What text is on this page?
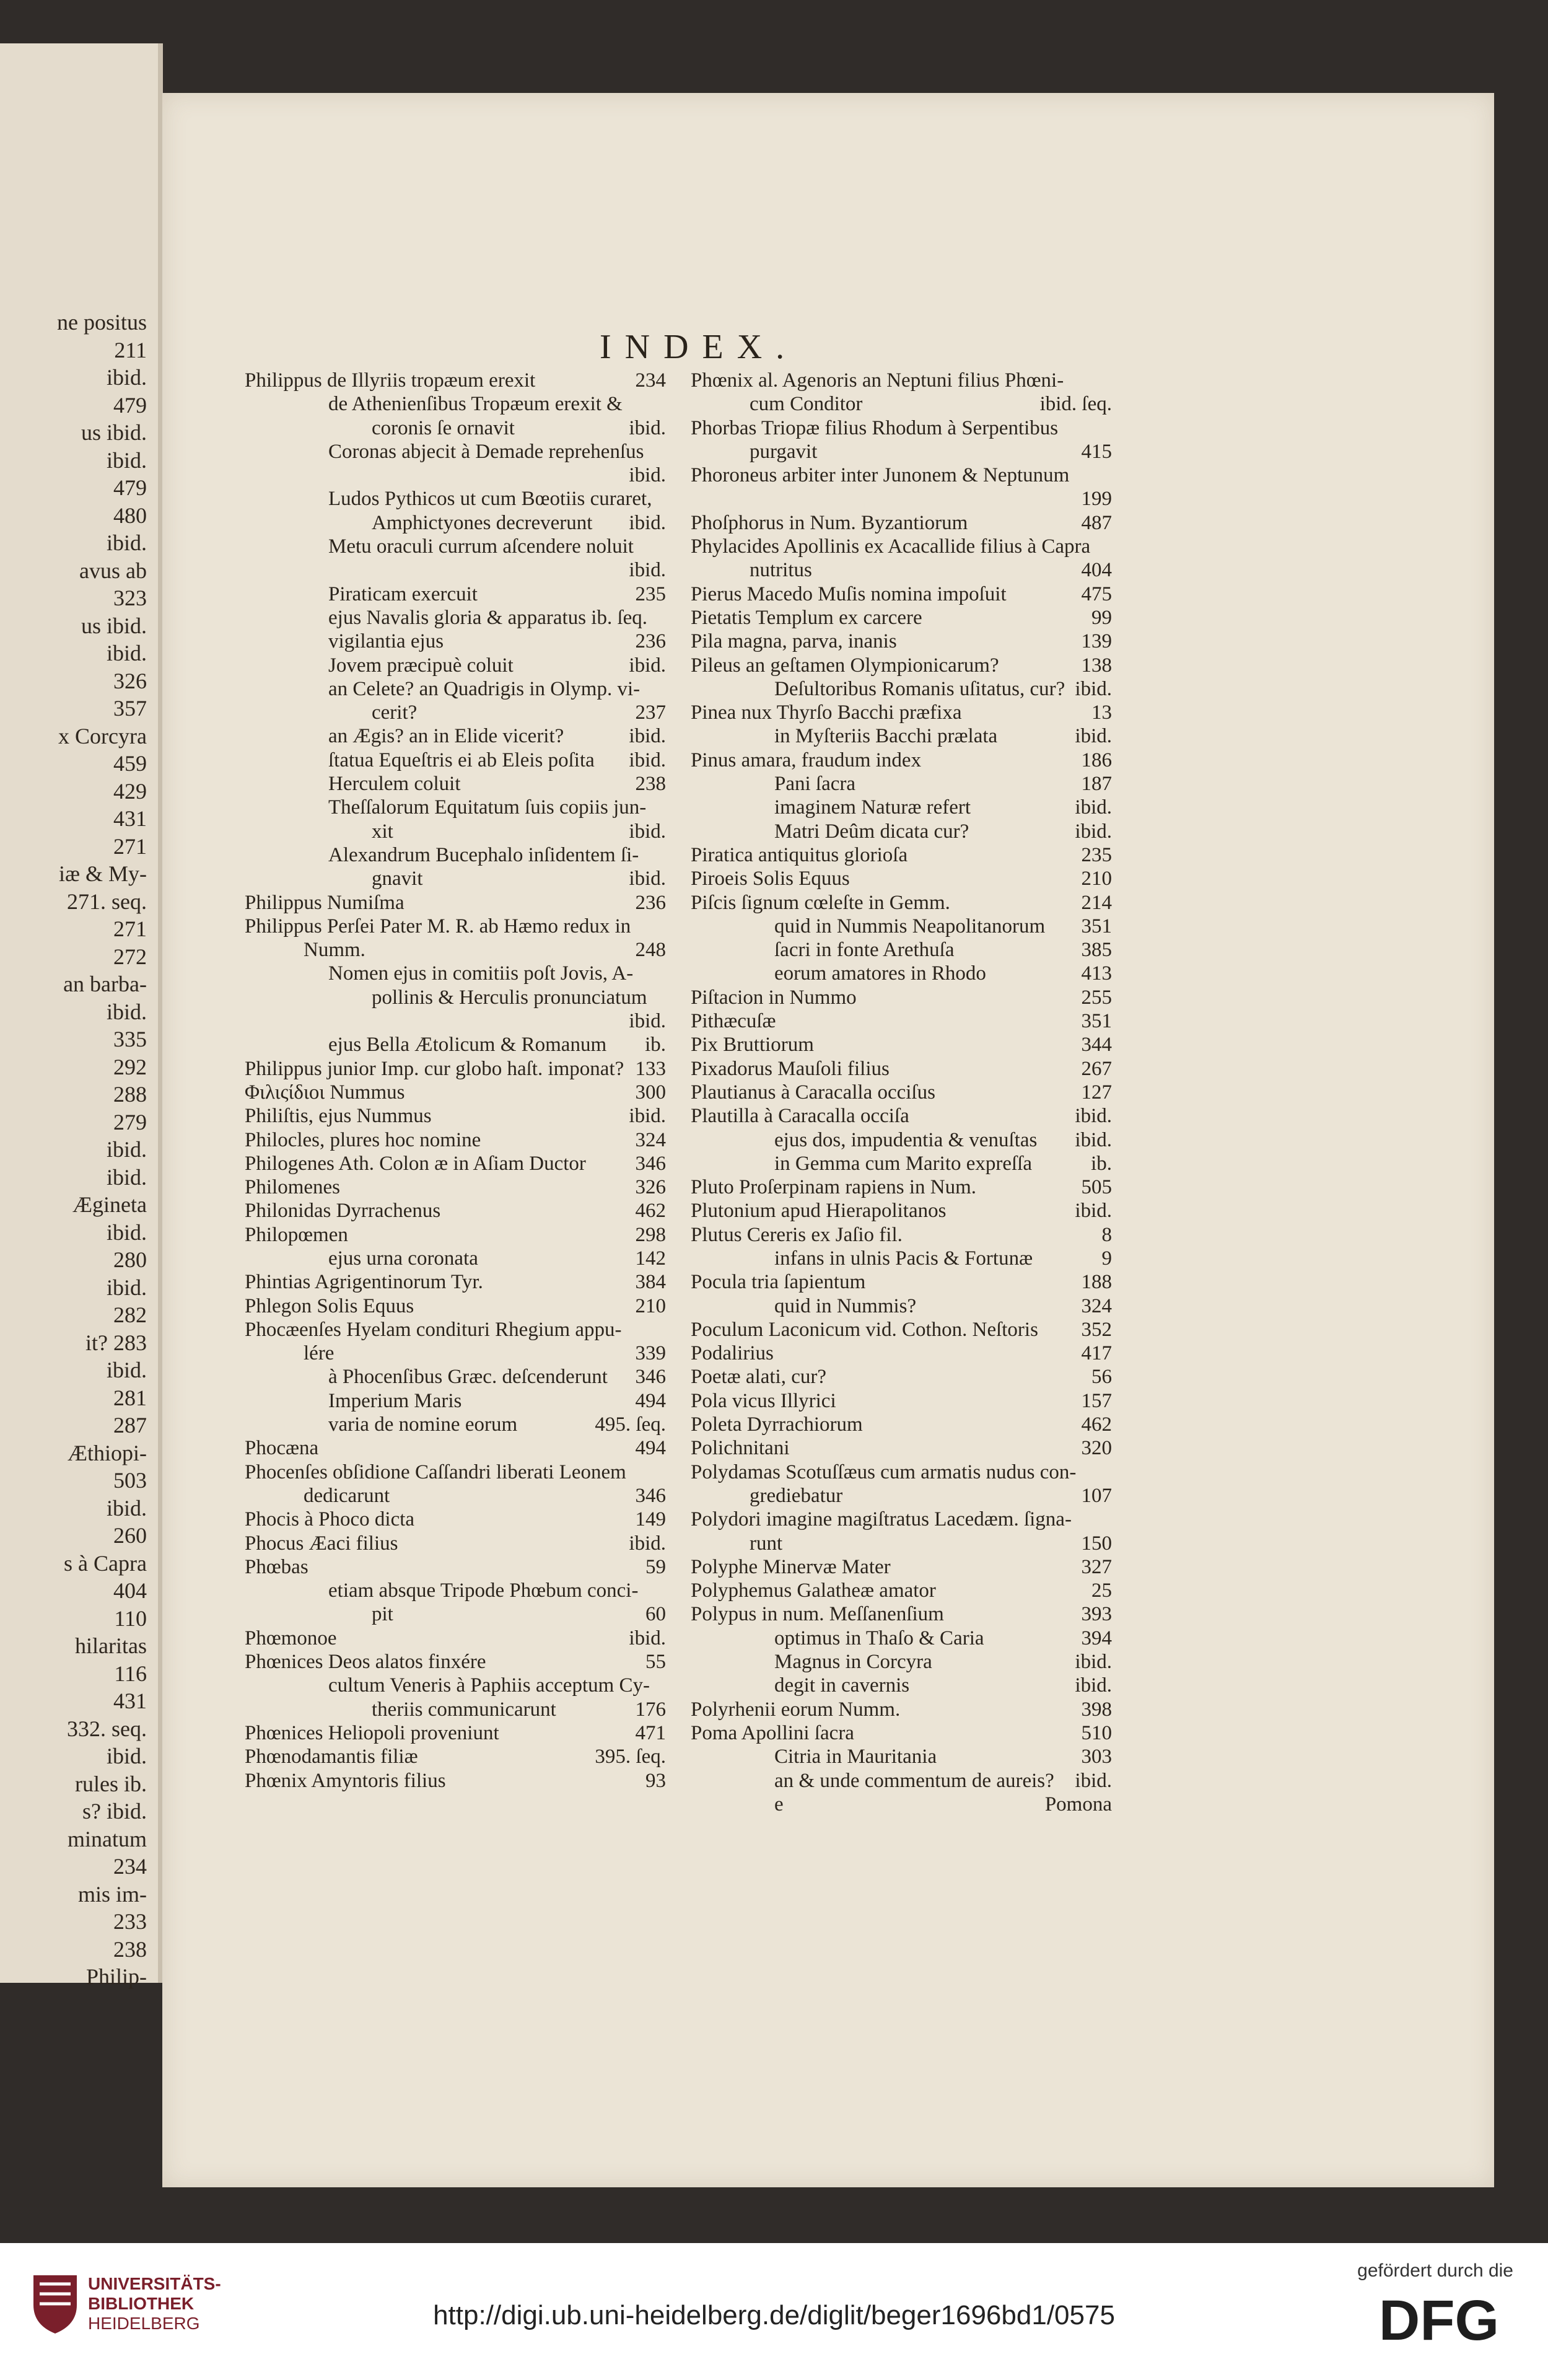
ne positus
211
ibid.
479
us ibid.
ibid.
479
480
ibid.
avus ab
323
us ibid.
ibid.
326
357
x Corcyra
459
429
431
271
iæ & My-
271. seq.
271
272
an barba-
ibid.
335
292
288
279
ibid.
ibid.
Æginetа
ibid.
280
ibid.
282
it? 283
ibid.
281
287
Æthiopi-
503
ibid.
260
s à Capra
404
110
hilaritas
116
431
332. seq.
ibid.
rules ib.
s? ibid.
minatum
234
mis im-
233
238
Philip-
INDEX.
Philippus de Illyriis tropæum erexit	234
de Athenienſibus Tropæum erexit &
coronis ſe ornavit	ibid.
Coronas abjecit à Demade reprehenſus
ibid.
Ludos Pythicos ut cum Bœotiis curaret,
Amphictyones decreverunt ibid.
Metu oraculi currum aſcendere noluit
ibid.
Piraticam exercuit	235
ejus Navalis gloria & apparatus ib. ſeq.
vigilantia ejus	236
Jovem præcipuè coluit	ibid.
an Celete? an Quadrigis in Olymp. vi-
cerit?	237
an Ægis? an in Elide vicerit?	ibid.
ſtatua Equeſtris ei ab Eleis poſita ibid.
Herculem coluit	238
Theſſalorum Equitatum ſuis copiis jun-
xit	ibid.
Alexandrum Bucephalo inſidentem ſi-
gnavit	ibid.
Philippus Numiſma	236
Philippus Perſei Pater M. R. ab Hæmo redux in
Numm.	248
Nomen ejus in comitiis poſt Jovis, A-
pollinis & Herculis pronunciatum
ibid.
ejus Bella Ætolicum & Romanum ib.
Philippus junior Imp. cur globo haſt. imponat? 133
Φιλιςίδιοι Nummus	300
Philiſtis, ejus Nummus	ibid.
Philocles, plures hoc nomine	324
Philogenes Ath. Colon æ in Aſiam Ductor 346
Philomenes	326
Philonidas Dyrrachenus	462
Philopœmen	298
ejus urna coronata	142
Phintias Agrigentinorum Tyr.	384
Phlegon Solis Equus	210
Phocæenſes Hyelam condituri Rhegium appu-
lére	339
à Phocenſibus Græc. deſcenderunt 346
Imperium Maris	494
varia de nomine eorum	495. ſeq.
Phocæna	494
Phocenſes obſidione Caſſandri liberati Leonem
dedicarunt	346
Phocis à Phoco dicta	149
Phocus Æaci filius	ibid.
Phœbas	59
etiam absque Tripode Phœbum conci-
pit	60
Phœmonoe	ibid.
Phœnices Deos alatos finxére	55
cultum Veneris à Paphiis acceptum Cy-
theriis communicarunt	176
Phœnices Heliopoli proveniunt	471
Phœnodamantis filiæ	395. ſeq.
Phœnix Amyntoris filius	93
Phœnix al. Agenoris an Neptuni filius Phœni-
cum Conditor	ibid. ſeq.
Phorbas Triopæ filius Rhodum à Serpentibus
purgavit	415
Phoroneus arbiter inter Junonem & Neptunum
199
Phoſphorus in Num. Byzantiorum	487
Phylacides Apollinis ex Acacallide filius à Capra
nutritus	404
Pierus Macedo Muſis nomina impoſuit	475
Pietatis Templum ex carcere	99
Pila magna, parva, inanis	139
Pileus an geſtamen Olympionicarum?	138
Deſultoribus Romanis uſitatus, cur? ibid.
Pinea nux Thyrſo Bacchi præfixa	13
in Myſteriis Bacchi prælata	ibid.
Pinus amara, fraudum index	186
Pani ſacra	187
imaginem Naturæ refert	ibid.
Matri Deûm dicata cur?	ibid.
Piratica antiquitus glorioſa	235
Piroeis Solis Equus	210
Piſcis ſignum cœleſte in Gemm.	214
quid in Nummis Neapolitanorum 351
ſacri in fonte Arethuſa	385
eorum amatores in Rhodo	413
Piſtacion in Nummo	255
Pithæcuſæ	351
Pix Bruttiorum	344
Pixadorus Mauſoli filius	267
Plautianus à Caracalla occiſus	127
Plautilla à Caracalla occiſa	ibid.
ejus dos, impudentia & venuſtas ibid.
in Gemma cum Marito expreſſa	ib.
Pluto Proſerpinam rapiens in Num.	505
Plutonium apud Hierapolitanos	ibid.
Plutus Cereris ex Jaſio fil.	8
infans in ulnis Pacis & Fortunæ	9
Pocula tria ſapientum	188
quid in Nummis?	324
Poculum Laconicum vid. Cothon. Neſtoris 352
Podalirius	417
Poetæ alati, cur?	56
Pola vicus Illyrici	157
Poleta Dyrrachiorum	462
Polichnitani	320
Polydamas Scotuſſæus cum armatis nudus con-
grediebatur	107
Polydori imagine magiſtratus Lacedæm. ſigna-
runt	150
Polyphe Minervæ Mater	327
Polyphemus Galatheæ amator	25
Polypus in num. Meſſanenſium	393
optimus in Thaſo & Caria	394
Magnus in Corcyra	ibid.
degit in cavernis	ibid.
Polyrhenii eorum Numm.	398
Poma Apollini ſacra	510
Citria in Mauritania	303
an & unde commentum de aureis? ibid.
e	Pomona
UNIVERSITÄTS-
BIBLIOTHEK
HEIDELBERG	http://digi.ub.uni-heidelberg.de/diglit/beger1696bd1/0575
gefördert durch die
DFG
